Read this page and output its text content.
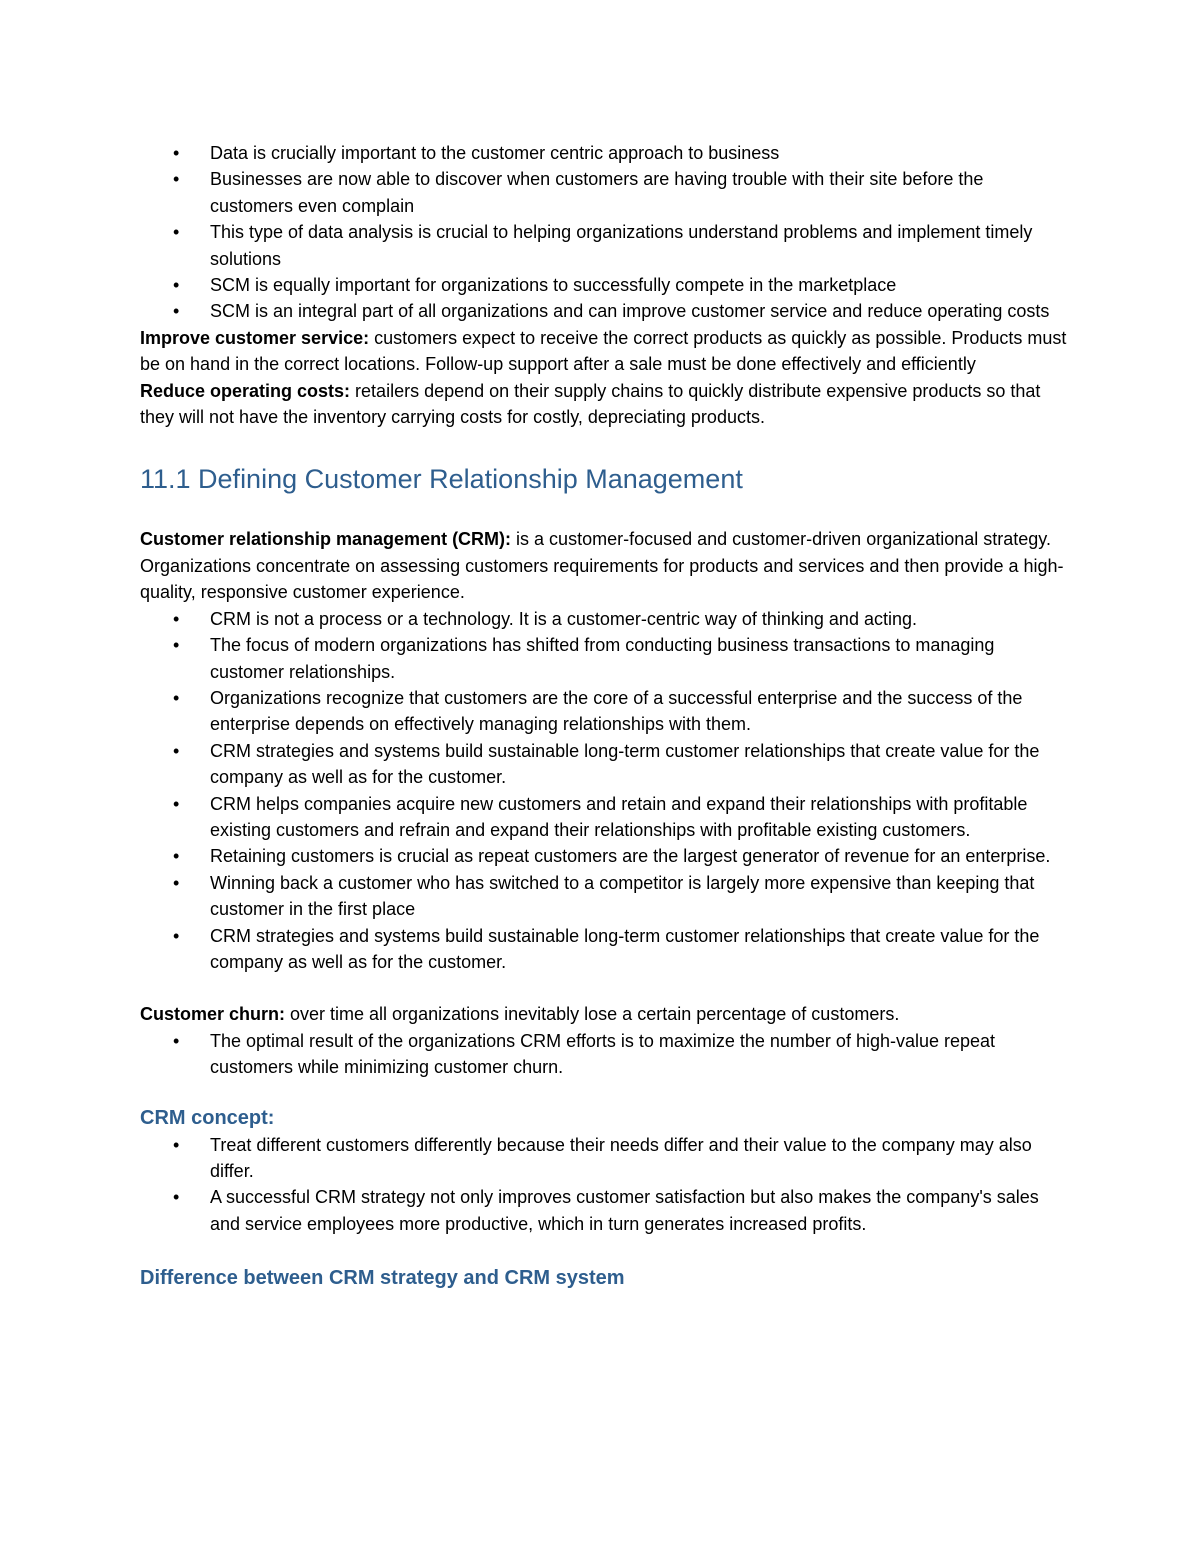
• Data is crucially important to the customer centric approach to business
• Businesses are now able to discover when customers are having trouble with their site before the customers even complain
• This type of data analysis is crucial to helping organizations understand problems and implement timely solutions
• SCM is equally important for organizations to successfully compete in the marketplace
• SCM is an integral part of all organizations and can improve customer service and reduce operating costs

Improve customer service: customers expect to receive the correct products as quickly as possible. Products must be on hand in the correct locations. Follow-up support after a sale must be done effectively and efficiently

Reduce operating costs: retailers depend on their supply chains to quickly distribute expensive products so that they will not have the inventory carrying costs for costly, depreciating products.

11.1 Defining Customer Relationship Management

Customer relationship management (CRM): is a customer-focused and customer-driven organizational strategy. Organizations concentrate on assessing customers requirements for products and services and then provide a high-quality, responsive customer experience.

• CRM is not a process or a technology. It is a customer-centric way of thinking and acting.
• The focus of modern organizations has shifted from conducting business transactions to managing customer relationships.
• Organizations recognize that customers are the core of a successful enterprise and the success of the enterprise depends on effectively managing relationships with them.
• CRM strategies and systems build sustainable long-term customer relationships that create value for the company as well as for the customer.
• CRM helps companies acquire new customers and retain and expand their relationships with profitable existing customers and refrain and expand their relationships with profitable existing customers.
• Retaining customers is crucial as repeat customers are the largest generator of revenue for an enterprise.
• Winning back a customer who has switched to a competitor is largely more expensive than keeping that customer in the first place
• CRM strategies and systems build sustainable long-term customer relationships that create value for the company as well as for the customer.

Customer churn: over time all organizations inevitably lose a certain percentage of customers.

• The optimal result of the organizations CRM efforts is to maximize the number of high-value repeat customers while minimizing customer churn.
CRM concept:
• Treat different customers differently because their needs differ and their value to the company may also differ.
• A successful CRM strategy not only improves customer satisfaction but also makes the company's sales and service employees more productive, which in turn generates increased profits.
Difference between CRM strategy and CRM system
